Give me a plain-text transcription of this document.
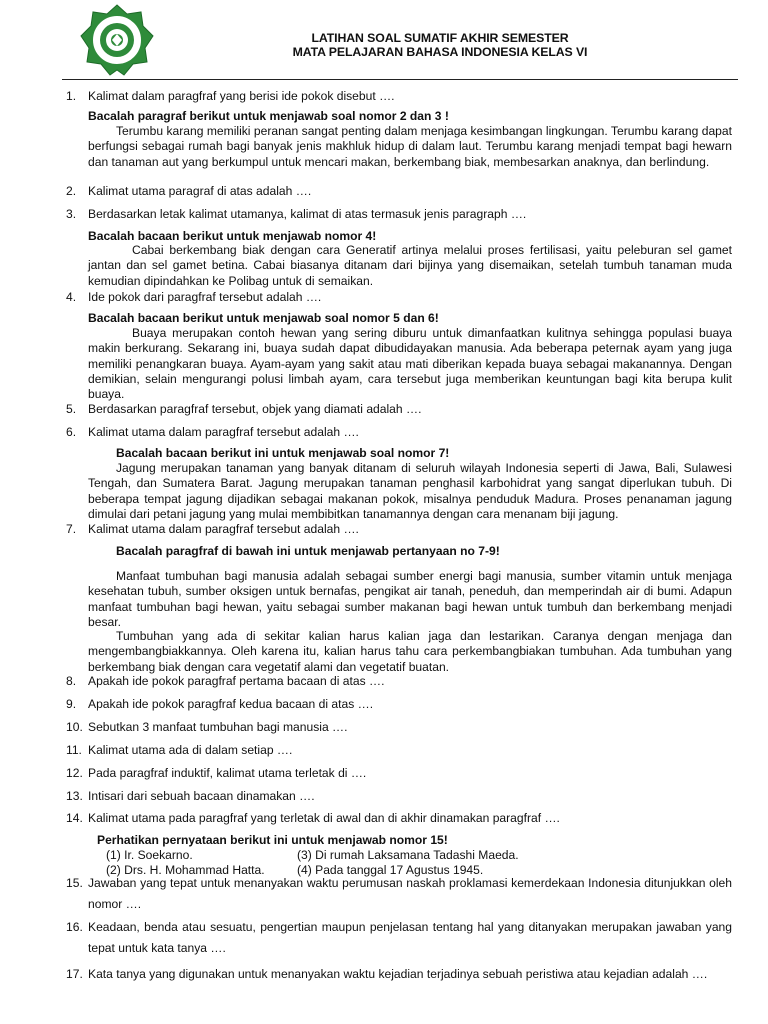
LATIHAN SOAL SUMATIF AKHIR SEMESTER
MATA PELAJARAN BAHASA INDONESIA KELAS VI
1. Kalimat dalam paragfraf yang berisi ide pokok disebut ….
Bacalah paragraf berikut untuk menjawab soal nomor 2 dan 3 !
Terumbu karang memiliki peranan sangat penting dalam menjaga kesimbangan lingkungan. Terumbu karang dapat berfungsi sebagai rumah bagi banyak jenis makhluk hidup di dalam laut. Terumbu karang menjadi tempat bagi hewarn dan tanaman aut yang berkumpul untuk mencari makan, berkembang biak, membesarkan anaknya, dan berlindung.
2. Kalimat utama paragraf di atas adalah ….
3. Berdasarkan letak kalimat utamanya, kalimat di atas termasuk jenis paragraph ….
Bacalah bacaan berikut untuk menjawab nomor 4!
Cabai berkembang biak dengan cara Generatif artinya melalui proses fertilisasi, yaitu peleburan sel gamet jantan dan sel gamet betina. Cabai biasanya ditanam dari bijinya yang disemaikan, setelah tumbuh tanaman muda kemudian dipindahkan ke Polibag untuk di semaikan.
4. Ide pokok dari paragfraf tersebut adalah ….
Bacalah bacaan berikut untuk menjawab soal nomor 5 dan 6!
Buaya merupakan contoh hewan yang sering diburu untuk dimanfaatkan kulitnya sehingga populasi buaya makin berkurang. Sekarang ini, buaya sudah dapat dibudidayakan manusia. Ada beberapa peternak ayam yang juga memiliki penangkaran buaya. Ayam-ayam yang sakit atau mati diberikan kepada buaya sebagai makanannya. Dengan demikian, selain mengurangi polusi limbah ayam, cara tersebut juga memberikan keuntungan bagi kita berupa kulit buaya.
5. Berdasarkan paragfraf tersebut, objek yang diamati adalah ….
6. Kalimat utama dalam paragfraf tersebut adalah ….
Bacalah bacaan berikut ini untuk menjawab soal nomor 7!
Jagung merupakan tanaman yang banyak ditanam di seluruh wilayah Indonesia seperti di Jawa, Bali, Sulawesi Tengah, dan Sumatera Barat. Jagung merupakan tanaman penghasil karbohidrat yang sangat diperlukan tubuh. Di beberapa tempat jagung dijadikan sebagai makanan pokok, misalnya penduduk Madura. Proses penanaman jagung dimulai dari petani jagung yang mulai membibitkan tanamannya dengan cara menanam biji jagung.
7. Kalimat utama dalam paragfraf tersebut adalah ….
Bacalah paragfraf di bawah ini untuk menjawab pertanyaan no 7-9!
Manfaat tumbuhan bagi manusia adalah sebagai sumber energi bagi manusia, sumber vitamin untuk menjaga kesehatan tubuh, sumber oksigen untuk bernafas, pengikat air tanah, peneduh, dan memperindah air di bumi. Adapun manfaat tumbuhan bagi hewan, yaitu sebagai sumber makanan bagi hewan untuk tumbuh dan berkembang menjadi besar.
Tumbuhan yang ada di sekitar kalian harus kalian jaga dan lestarikan. Caranya dengan menjaga dan mengembangbiakkannya. Oleh karena itu, kalian harus tahu cara perkembangbiakan tumbuhan. Ada tumbuhan yang berkembang biak dengan cara vegetatif alami dan vegetatif buatan.
8. Apakah ide pokok paragfraf pertama bacaan di atas ….
9. Apakah ide pokok paragfraf kedua bacaan di atas ….
10. Sebutkan 3 manfaat tumbuhan bagi manusia ….
11. Kalimat utama ada di dalam setiap ….
12. Pada paragfraf induktif, kalimat utama terletak di ….
13. Intisari dari sebuah bacaan dinamakan ….
14. Kalimat utama pada paragfraf yang terletak di awal dan di akhir dinamakan paragfraf ….
Perhatikan pernyataan berikut ini untuk menjawab nomor 15!
(1) Ir. Soekarno.	(3) Di rumah Laksamana Tadashi Maeda.
(2) Drs. H. Mohammad Hatta.	(4) Pada tanggal 17 Agustus 1945.
15. Jawaban yang tepat untuk menanyakan waktu perumusan naskah proklamasi kemerdekaan Indonesia ditunjukkan oleh nomor ….
16. Keadaan, benda atau sesuatu, pengertian maupun penjelasan tentang hal yang ditanyakan merupakan jawaban yang tepat untuk kata tanya ….
17. Kata tanya yang digunakan untuk menanyakan waktu kejadian terjadinya sebuah peristiwa atau kejadian adalah ….
